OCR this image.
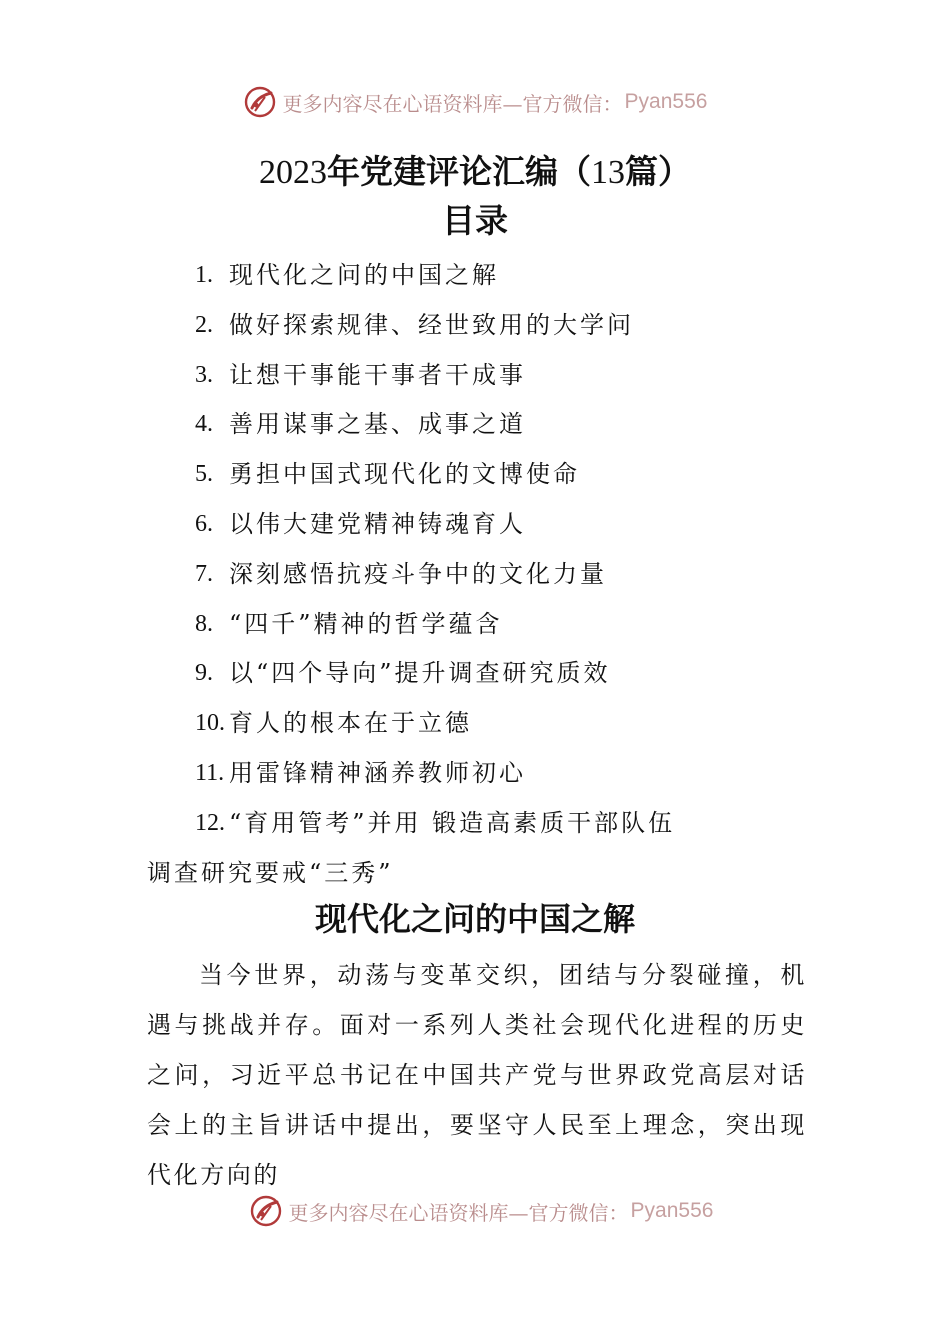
更多内容尽在心语资料库—官方微信： Pyan556
2023年党建评论汇编（13篇）
目录
1. 现代化之问的中国之解
2. 做好探索规律、经世致用的大学问
3. 让想干事能干事者干成事
4. 善用谋事之基、成事之道
5. 勇担中国式现代化的文博使命
6. 以伟大建党精神铸魂育人
7. 深刻感悟抗疫斗争中的文化力量
8. “四千”精神的哲学蕴含
9. 以“四个导向”提升调查研究质效
10. 育人的根本在于立德
11. 用雷锋精神涵养教师初心
12. “育用管考”并用 锻造高素质干部队伍
调查研究要戒“三秀”
现代化之问的中国之解

当今世界，动荡与变革交织，团结与分裂碰撞，机遇与挑战并存。面对一系列人类社会现代化进程的历史之问，习近平总书记在中国共产党与世界政党高层对话会上的主旨讲话中提出，要坚守人民至上理念，突出现代化方向的

更多内容尽在心语资料库—官方微信： Pyan556
